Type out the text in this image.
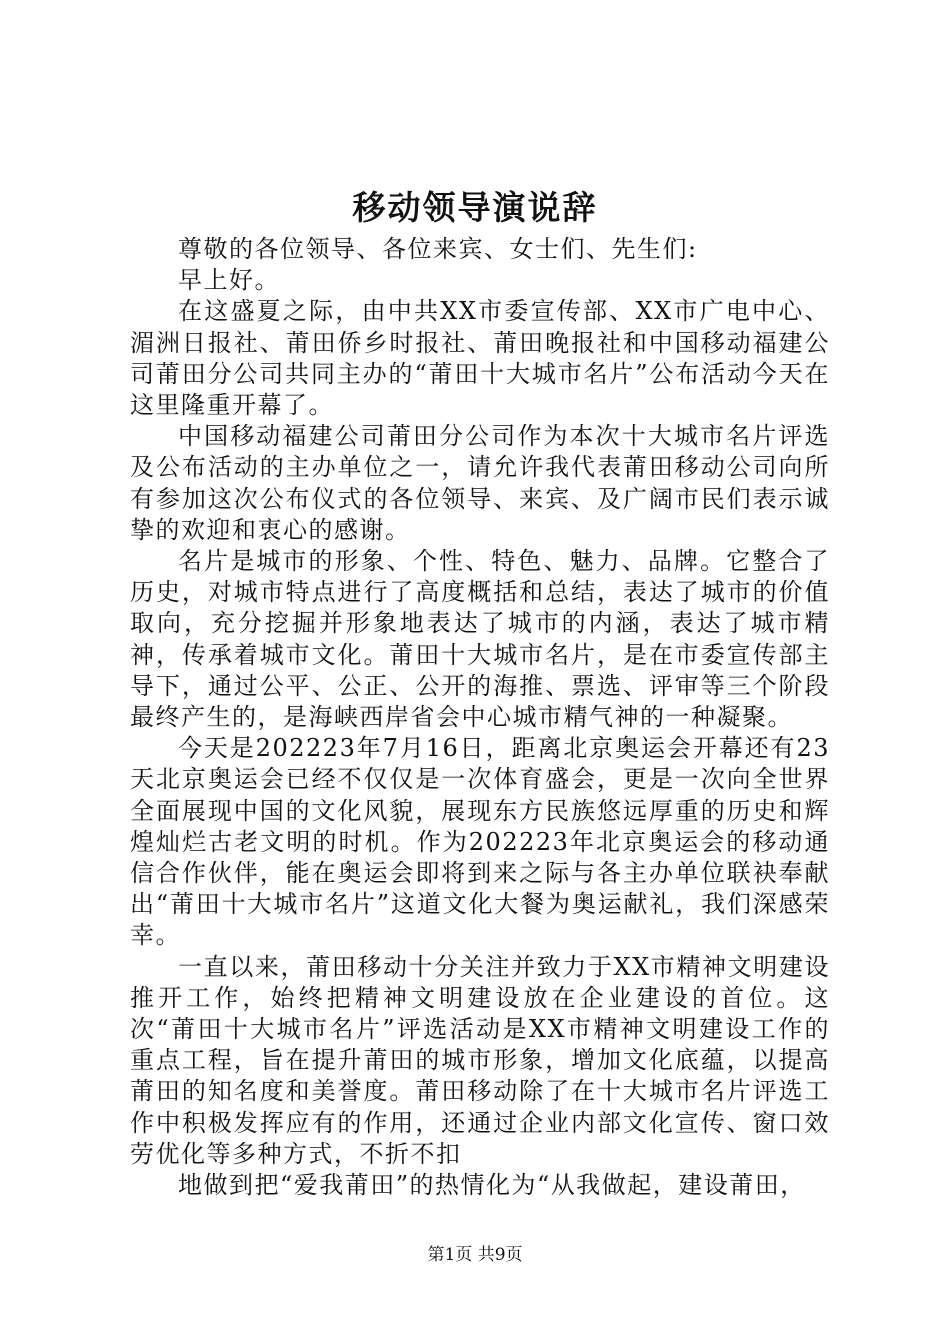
移动领导演说辞

尊敬的各位领导、各位来宾、女士们、先生们:

早上好。

在这盛夏之际，由中共XX市委宣传部、XX市广电中心、湄洲日报社、莆田侨乡时报社、莆田晚报社和中国移动福建公司莆田分公司共同主办的“莆田十大城市名片”公布活动今天在这里隆重开幕了。

中国移动福建公司莆田分公司作为本次十大城市名片评选及公布活动的主办单位之一，请允许我代表莆田移动公司向所有参加这次公布仪式的各位领导、来宾、及广阔市民们表示诚挚的欢迎和衷心的感谢。

名片是城市的形象、个性、特色、魅力、品牌。它整合了历史，对城市特点进行了高度概括和总结，表达了城市的价值取向，充分挖掘并形象地表达了城市的内涵，表达了城市精神，传承着城市文化。莆田十大城市名片，是在市委宣传部主导下，通过公平、公正、公开的海推、票选、评审等三个阶段最终产生的，是海峡西岸省会中心城市精气神的一种凝聚。

今天是202223年7月16日，距离北京奥运会开幕还有23天北京奥运会已经不仅仅是一次体育盛会，更是一次向全世界全面展现中国的文化风貌，展现东方民族悠远厚重的历史和辉煌灿烂古老文明的时机。作为202223年北京奥运会的移动通信合作伙伴，能在奥运会即将到来之际与各主办单位联袂奉献出“莆田十大城市名片”这道文化大餐为奥运献礼，我们深感荣幸。

一直以来，莆田移动十分关注并致力于XX市精神文明建设推开工作，始终把精神文明建设放在企业建设的首位。这次“莆田十大城市名片”评选活动是XX市精神文明建设工作的重点工程，旨在提升莆田的城市形象，增加文化底蕴，以提高莆田的知名度和美誉度。莆田移动除了在十大城市名片评选工作中积极发挥应有的作用，还通过企业内部文化宣传、窗口效劳优化等多种方式，不折不扣

地做到把“爱我莆田”的热情化为“从我做起，建设莆田，

第1页 共9页
